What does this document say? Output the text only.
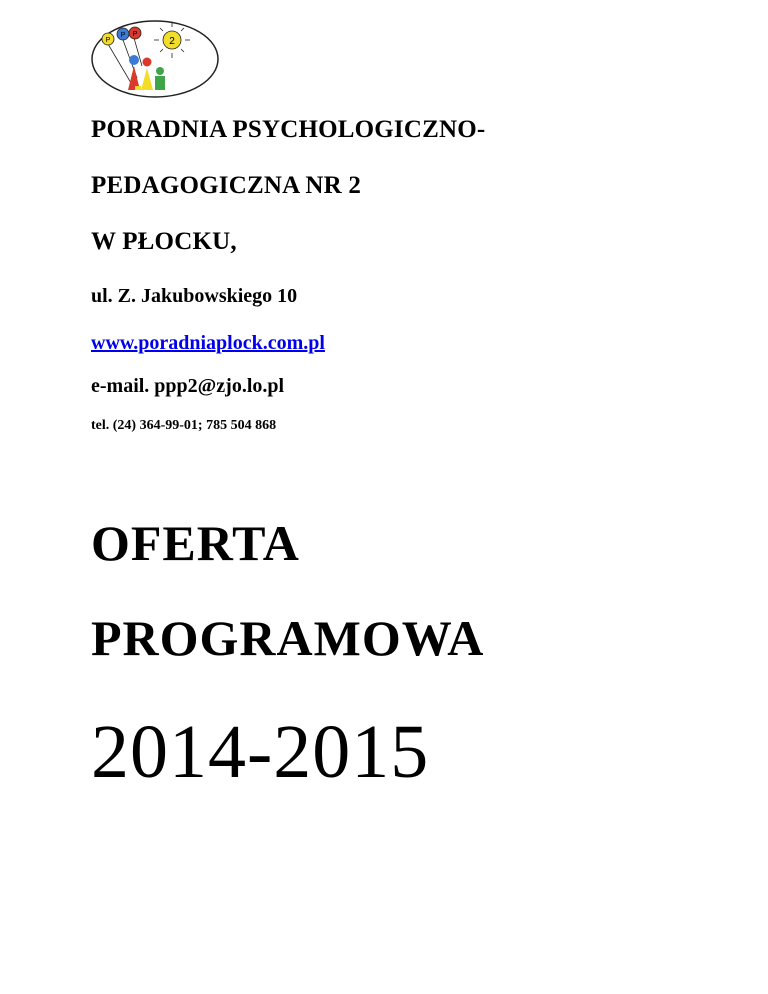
P
P P
2

PORADNIA PSYCHOLOGICZNO-

PEDAGOGICZNA NR 2

W PŁOCKU,

ul. Z. Jakubowskiego 10

www.poradniaplock.com.pl

e-mail. ppp2@zjo.lo.pl

tel. (24) 364-99-01; 785 504 868

OFERTA

PROGRAMOWA

2014-2015
